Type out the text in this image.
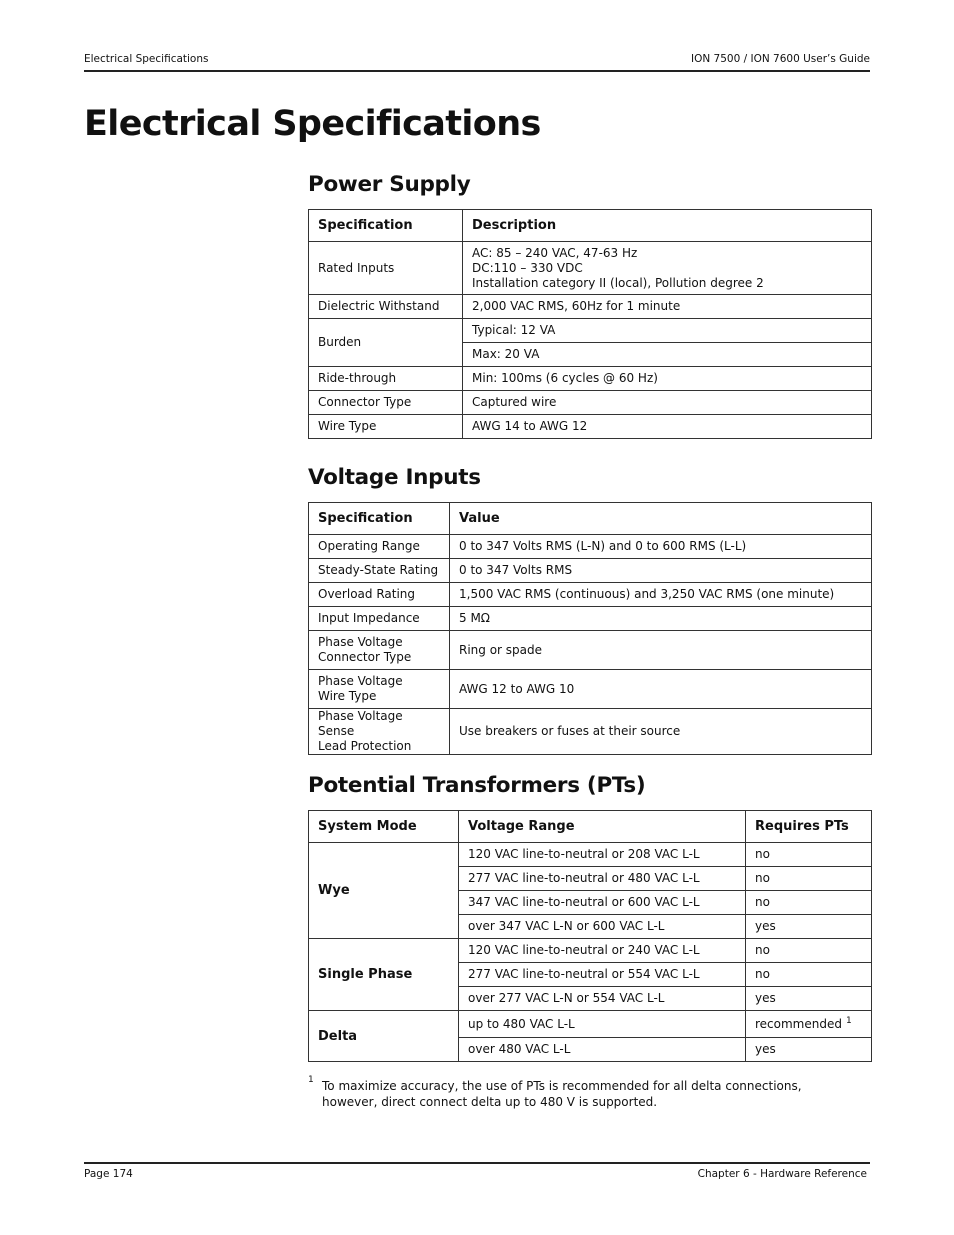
Electrical Specifications	ION 7500 / ION 7600 User’s Guide
Electrical Specifications
Power Supply
Specification	Description
Rated Inputs	AC: 85 – 240 VAC, 47-63 Hz
DC:110 – 330 VDC
Installation category II (local), Pollution degree 2

Dielectric Withstand	2,000 VAC RMS, 60Hz for 1 minute
Burden	Typical: 12 VA
	Max: 20 VA
Ride-through	Min: 100ms (6 cycles @ 60 Hz)
Connector Type	Captured wire
Wire Type	AWG 14 to AWG 12
Voltage Inputs
Specification	Value
Operating Range	0 to 347 Volts RMS (L-N) and 0 to 600 RMS (L-L)
Steady-State Rating	0 to 347 Volts RMS
Overload Rating	1,500 VAC RMS (continuous) and 3,250 VAC RMS (one minute)
Input Impedance	5 MΩ
Phase Voltage
Connector Type	Ring or spade
Phase Voltage
Wire Type	AWG 12 to AWG 10
Phase Voltage Sense
Lead Protection	Use breakers or fuses at their source
Potential Transformers (PTs)
System Mode	Voltage Range	Requires PTs
Wye	120 VAC line-to-neutral or 208 VAC L-L	no
	277 VAC line-to-neutral or 480 VAC L-L	no
	347 VAC line-to-neutral or 600 VAC L-L	no
	over 347 VAC L-N or 600 VAC L-L	yes
Single Phase	120 VAC line-to-neutral or 240 VAC L-L	no
	277 VAC line-to-neutral or 554 VAC L-L	no
	over 277 VAC L-N or 554 VAC L-L	yes
Delta	up to 480 VAC L-L	recommended $^1$
	over 480 VAC L-L	yes
1 To maximize accuracy, the use of PTs is recommended for all delta connections, however, direct connect delta up to 480 V is supported.
Page 174	Chapter 6 - Hardware Reference
